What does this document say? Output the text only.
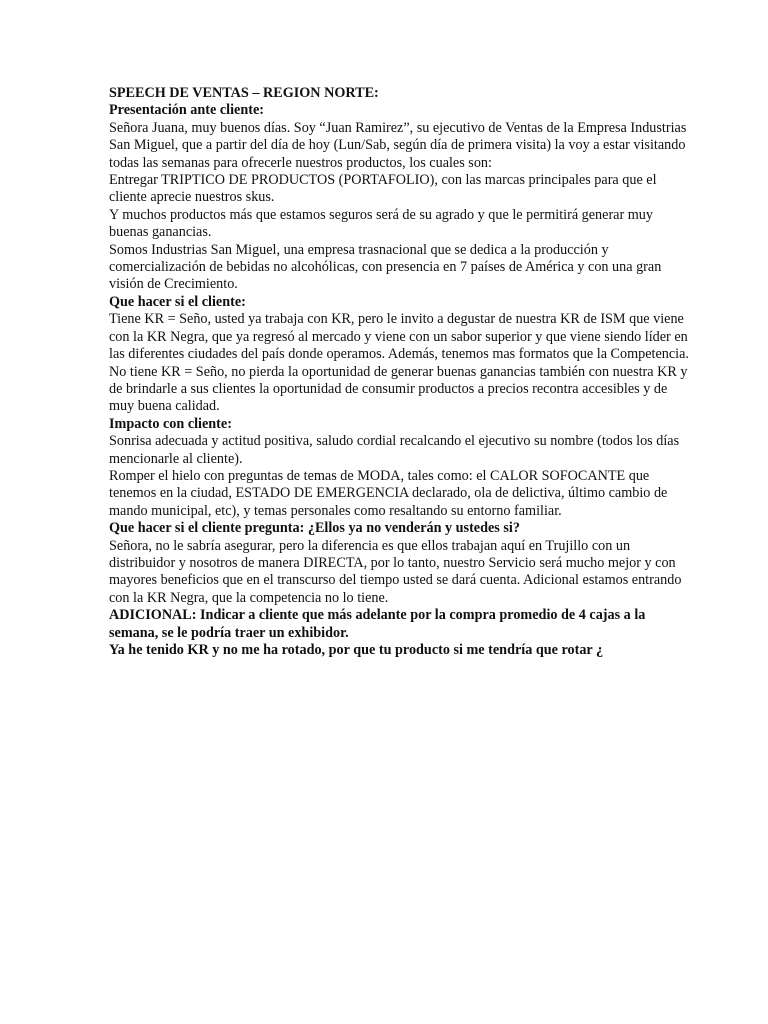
SPEECH DE VENTAS – REGION NORTE:

Presentación ante cliente:

Señora Juana, muy buenos días. Soy “Juan Ramirez”, su ejecutivo de Ventas de la Empresa Industrias San Miguel, que a partir del día de hoy (Lun/Sab, según día de primera visita) la voy a estar visitando todas las semanas para ofrecerle nuestros productos, los cuales son:

Entregar TRIPTICO DE PRODUCTOS (PORTAFOLIO), con las marcas principales para que el cliente aprecie nuestros skus.

Y muchos productos más que estamos seguros será de su agrado y que le permitirá generar muy buenas ganancias.

Somos Industrias San Miguel, una empresa trasnacional que se dedica a la producción y comercialización de bebidas no alcohólicas, con presencia en 7 países de América y con una gran visión de Crecimiento.

Que hacer si el cliente:

Tiene KR = Seño, usted ya trabaja con KR, pero le invito a degustar de nuestra KR de ISM que viene con la KR Negra, que ya regresó al mercado y viene con un sabor superior y que viene siendo líder en las diferentes ciudades del país donde operamos. Además, tenemos mas formatos que la Competencia.

No tiene KR = Seño, no pierda la oportunidad de generar buenas ganancias también con nuestra KR y de brindarle a sus clientes la oportunidad de consumir productos a precios recontra accesibles y de muy buena calidad.

Impacto con cliente:

Sonrisa adecuada y actitud positiva, saludo cordial recalcando el ejecutivo su nombre (todos los días mencionarle al cliente).

Romper el hielo con preguntas de temas de MODA, tales como: el CALOR SOFOCANTE que tenemos en la ciudad, ESTADO DE EMERGENCIA declarado, ola de delictiva, último cambio de mando municipal, etc), y temas personales como resaltando su entorno familiar.

Que hacer si el cliente pregunta: ¿Ellos ya no venderán y ustedes si?

Señora, no le sabría asegurar, pero la diferencia es que ellos trabajan aquí en Trujillo con un distribuidor y nosotros de manera DIRECTA, por lo tanto, nuestro Servicio será mucho mejor y con mayores beneficios que en el transcurso del tiempo usted se dará cuenta. Adicional estamos entrando con la KR Negra, que la competencia no lo tiene.

ADICIONAL: Indicar a cliente que más adelante por la compra promedio de 4 cajas a la semana, se le podría traer un exhibidor.

Ya he tenido KR y no me ha rotado, por que tu producto si me tendría que rotar ¿
